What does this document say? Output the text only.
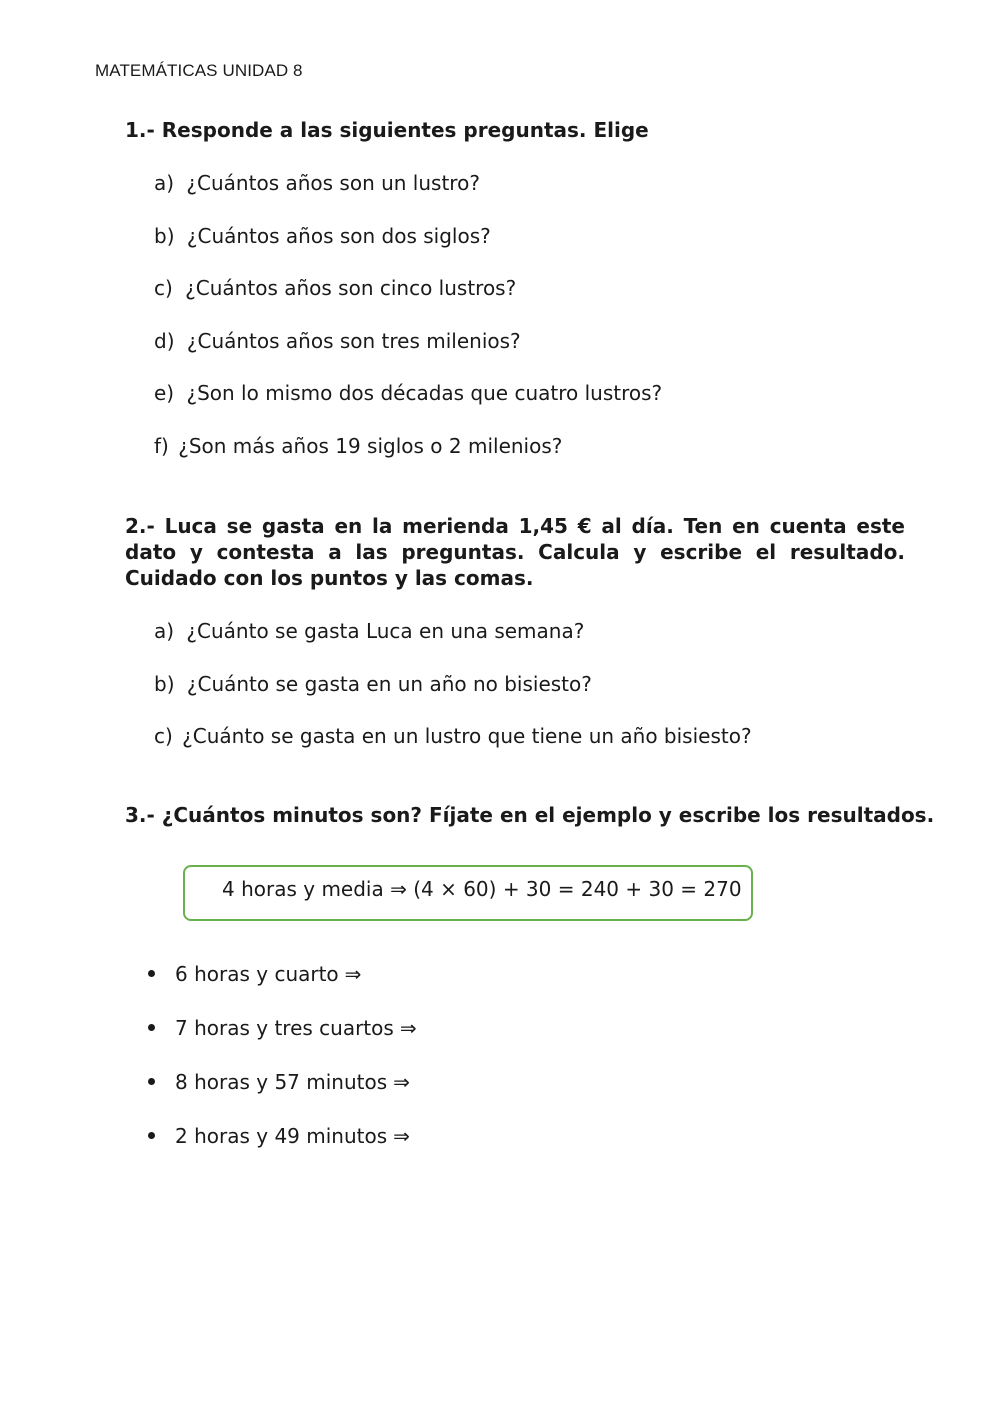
MATEMÁTICAS UNIDAD 8
1.- Responde a las siguientes preguntas. Elige
a) ¿Cuántos años son un lustro?
b) ¿Cuántos años son dos siglos?
c) ¿Cuántos años son cinco lustros?
d) ¿Cuántos años son tres milenios?
e) ¿Son lo mismo dos décadas que cuatro lustros?
f) ¿Son más años 19 siglos o 2 milenios?
2.- Luca se gasta en la merienda 1,45 € al día. Ten en cuenta este dato y contesta a las preguntas. Calcula y escribe el resultado. Cuidado con los puntos y las comas.
a) ¿Cuánto se gasta Luca en una semana?
b) ¿Cuánto se gasta en un año no bisiesto?
c) ¿Cuánto se gasta en un lustro que tiene un año bisiesto?
3.- ¿Cuántos minutos son? Fíjate en el ejemplo y escribe los resultados.
4 horas y media ⇒ (4 × 60) + 30 = 240 + 30 = 270
6 horas y cuarto ⇒
7 horas y tres cuartos ⇒
8 horas y 57 minutos ⇒
2 horas y 49 minutos ⇒
